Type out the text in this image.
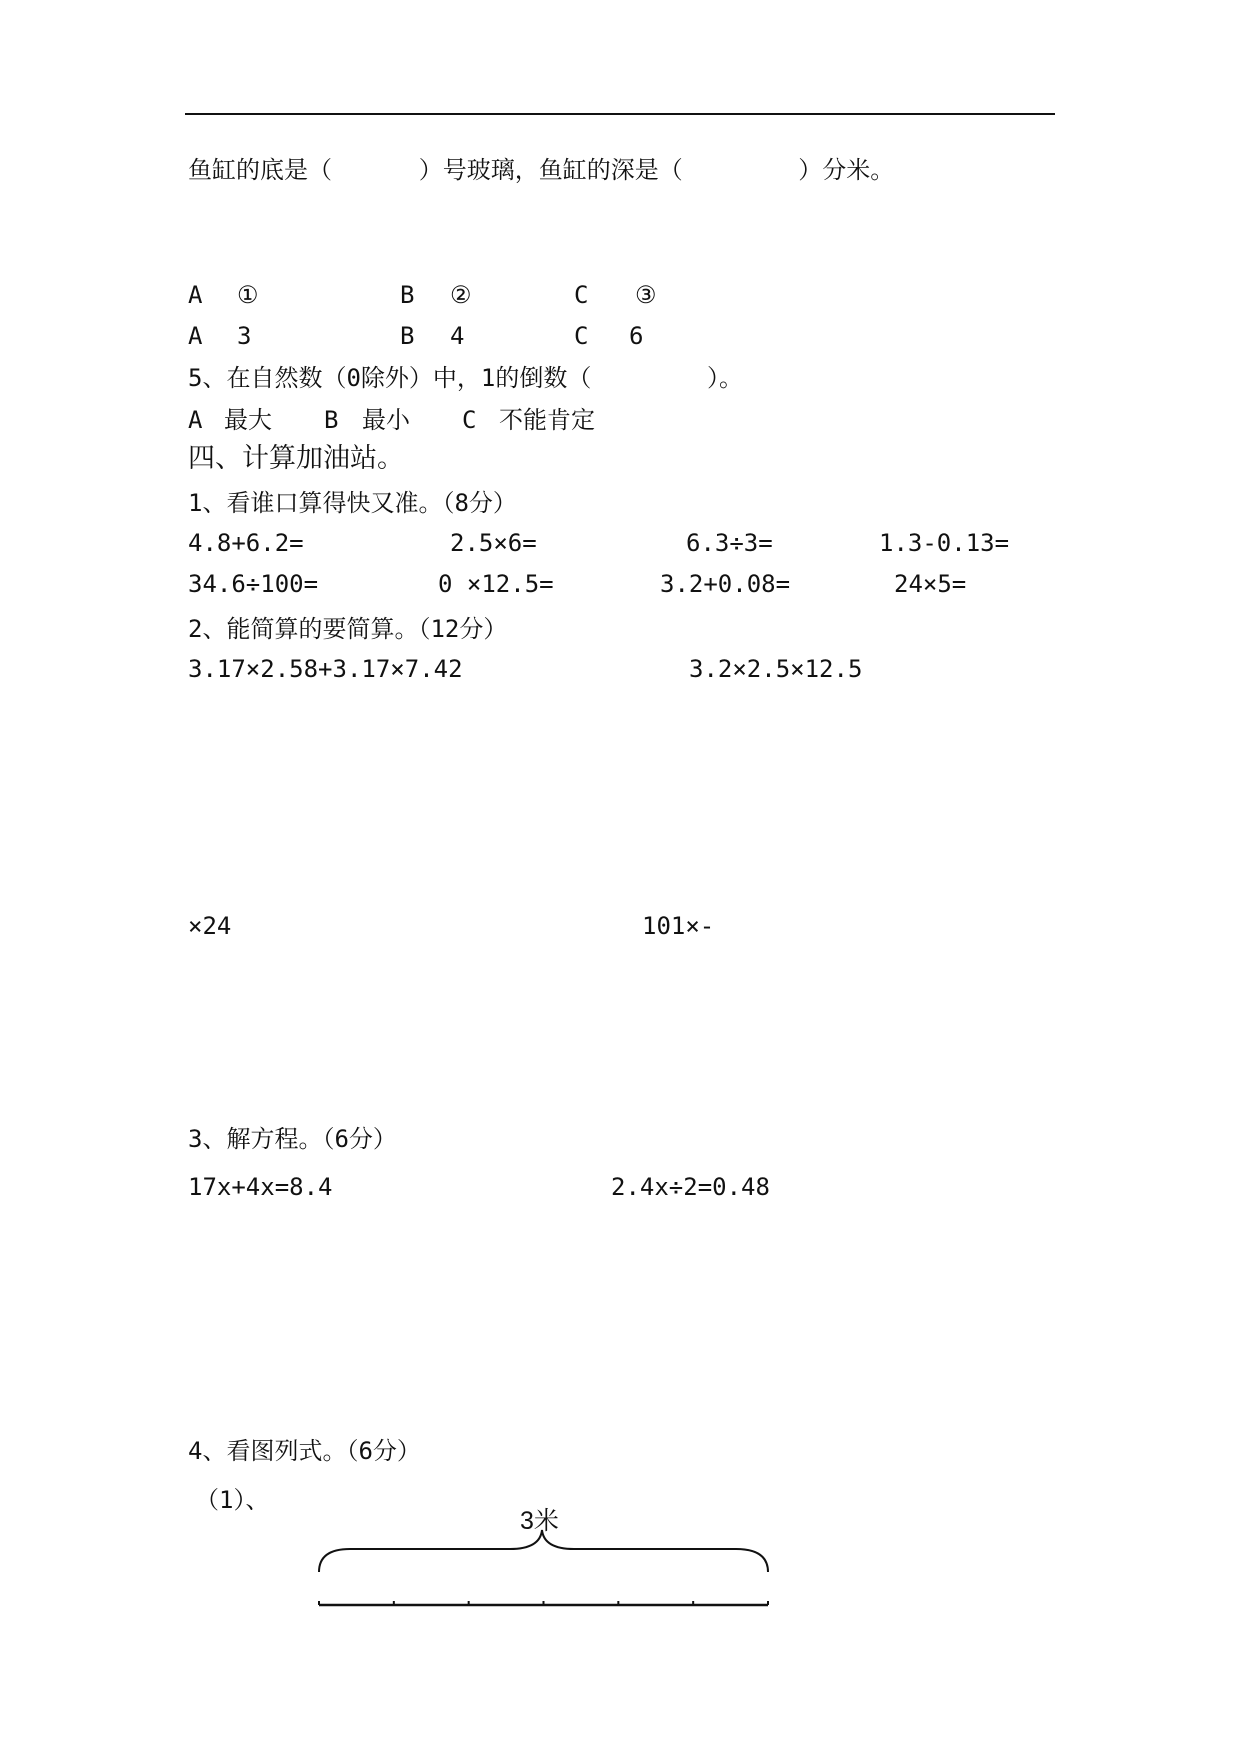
鱼缸的底是（      ）号玻璃，鱼缸的深是（        ）分米。
A ①	B ②	C ③
A 3	B 4	C 6
5、在自然数（0除外）中，1的倒数（        ）。
A 最大 B 最小 C 不能肯定
四、计算加油站。
1、看谁口算得快又准。（8分）
4.8+6.2=	2.5×6=	6.3÷3=	1.3-0.13=
34.6÷100=	0 ×12.5=	3.2+0.08=	24×5=
2、能简算的要简算。（12分）
3.17×2.58+3.17×7.42	3.2×2.5×12.5
×24	101×-
3、解方程。（6分）
17x+4x=8.4	2.4x÷2=0.48
4、看图列式。（6分）
（1）、
3米
